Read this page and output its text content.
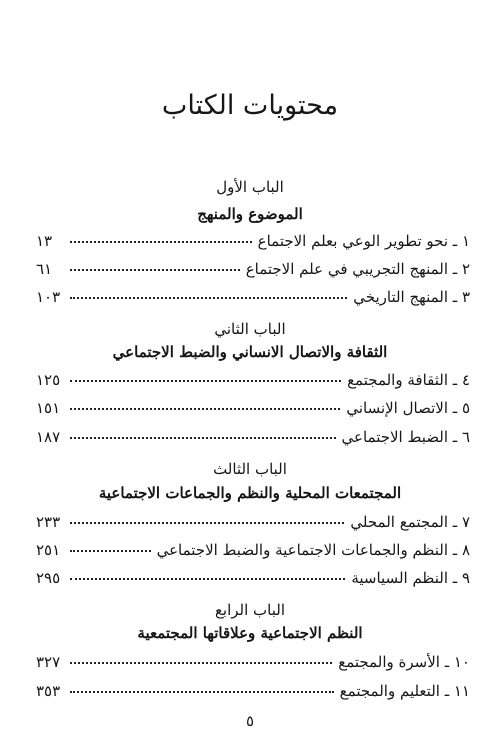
محتويات الكتاب
الباب الأول
الموضوع والمنهج
١ ـ نحو تطوير الوعي بعلم الاجتماع
١٣
٢ ـ المنهج التجريبي في علم الاجتماع
٦١
٣ ـ المنهج التاريخي
١٠٣
الباب الثاني
الثقافة والاتصال الانساني والضبط الاجتماعي
٤ ـ الثقافة والمجتمع
١٢٥
٥ ـ الاتصال الإنساني
١٥١
٦ ـ الضبط الاجتماعي
١٨٧
الباب الثالث
المجتمعات المحلية والنظم والجماعات الاجتماعية
٧ ـ المجتمع المحلي
٢٣٣
٨ ـ النظم والجماعات الاجتماعية والضبط الاجتماعي
٢٥١
٩ ـ النظم السياسية
٢٩٥
الباب الرابع
النظم الاجتماعية وعلاقاتها المجتمعية
١٠ ـ الأسرة والمجتمع
٣٢٧
١١ ـ التعليم والمجتمع
٣٥٣
٥
